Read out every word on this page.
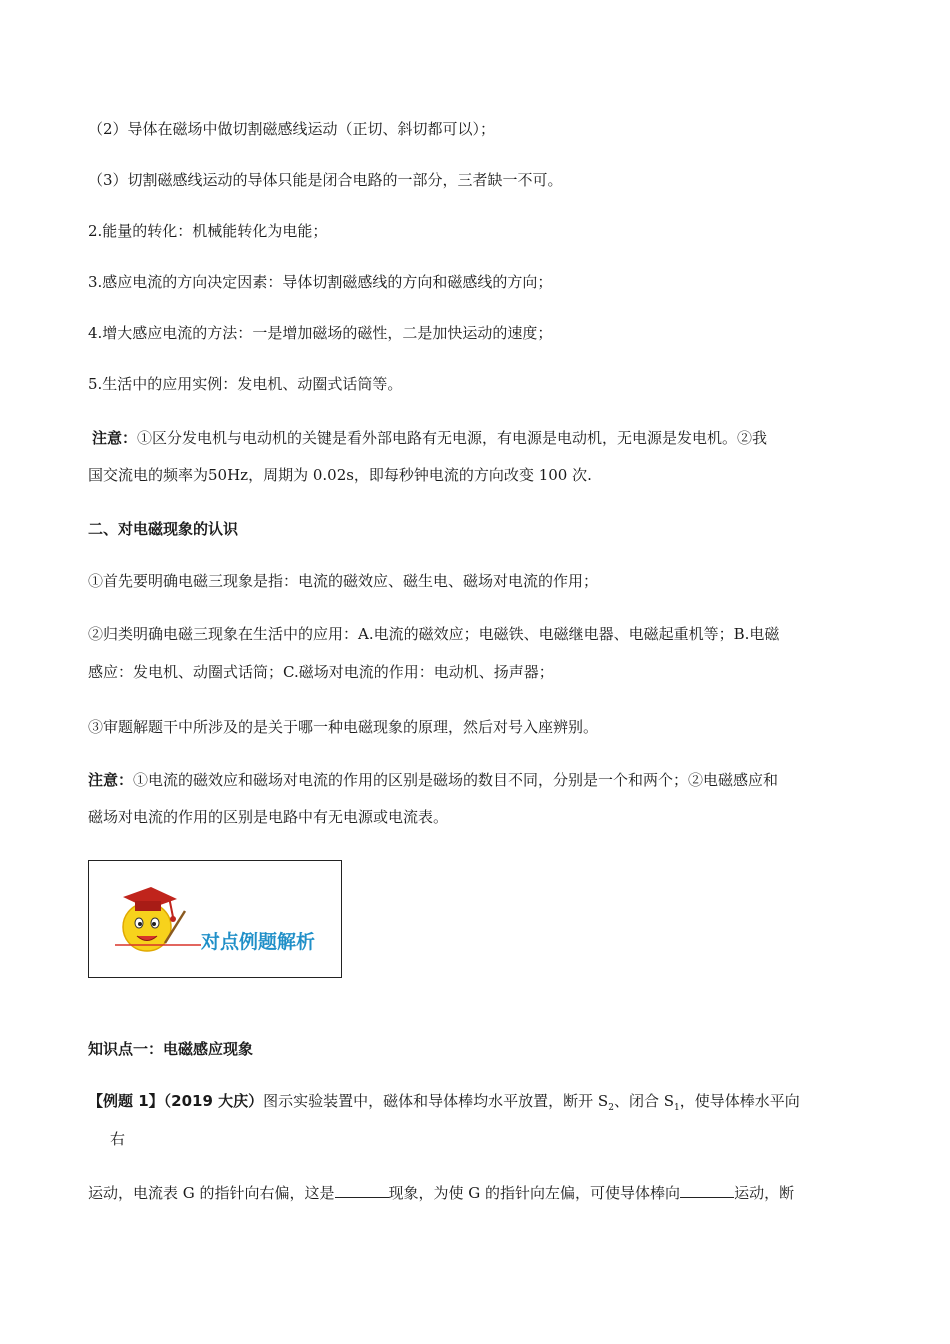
（2）导体在磁场中做切割磁感线运动（正切、斜切都可以）；
（3）切割磁感线运动的导体只能是闭合电路的一部分，三者缺一不可。
2.能量的转化：机械能转化为电能；
3.感应电流的方向决定因素：导体切割磁感线的方向和磁感线的方向；
4.增大感应电流的方法：一是增加磁场的磁性，二是加快运动的速度；
5.生活中的应用实例：发电机、动圈式话筒等。
注意：①区分发电机与电动机的关键是看外部电路有无电源，有电源是电动机，无电源是发电机。②我
国交流电的频率为50Hz，周期为 0.02s，即每秒钟电流的方向改变 100 次.
二、对电磁现象的认识
①首先要明确电磁三现象是指：电流的磁效应、磁生电、磁场对电流的作用；
②归类明确电磁三现象在生活中的应用：A.电流的磁效应；电磁铁、电磁继电器、电磁起重机等；B.电磁
感应：发电机、动圈式话筒；C.磁场对电流的作用：电动机、扬声器；
③审题解题干中所涉及的是关于哪一种电磁现象的原理，然后对号入座辨别。
注意：①电流的磁效应和磁场对电流的作用的区别是磁场的数目不同，分别是一个和两个；②电磁感应和
磁场对电流的作用的区别是电路中有无电源或电流表。
对点例题解析
知识点一：电磁感应现象
【例题 1】（2019 大庆）图示实验装置中，磁体和导体棒均水平放置，断开 $S_2$、闭合 $S_1$，使导体棒水平向
右
运动，电流表 G 的指针向右偏，这是	现象，为使 G 的指针向左偏，可使导体棒向	运动，断
